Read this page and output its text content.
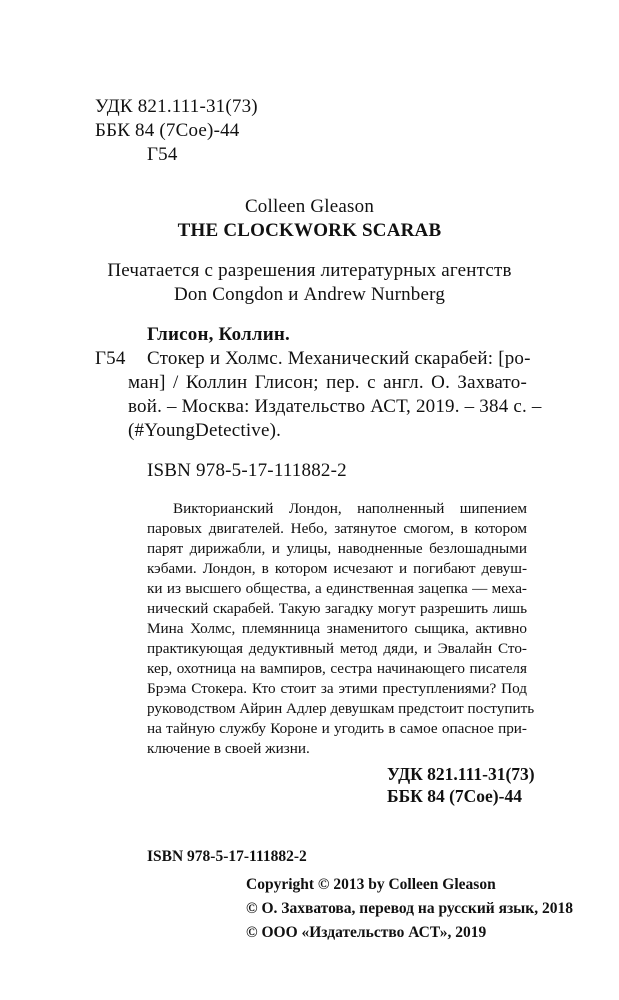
УДК 821.111-31(73)
ББК 84 (7Сое)-44
Г54
Colleen Gleason
THE CLOCKWORK SCARAB
Печатается с разрешения литературных агентств
Don Congdon и Andrew Nurnberg
Глисон, Коллин.
Г54 Стокер и Холмс. Механический скарабей: [ро-
ман] / Коллин Глисон; пер. с англ. О. Захвато-
вой. – Москва: Издательство АСТ, 2019. – 384 с. –
(#YoungDetective).
ISBN 978-5-17-111882-2
Викторианский Лондон, наполненный шипением
паровых двигателей. Небо, затянутое смогом, в котором
парят дирижабли, и улицы, наводненные безлошадными
кэбами. Лондон, в котором исчезают и погибают девуш-
ки из высшего общества, а единственная зацепка — меха-
нический скарабей. Такую загадку могут разрешить лишь
Мина Холмс, племянница знаменитого сыщика, активно
практикующая дедуктивный метод дяди, и Эвалайн Сто-
кер, охотница на вампиров, сестра начинающего писателя
Брэма Стокера. Кто стоит за этими преступлениями? Под
руководством Айрин Адлер девушкам предстоит поступить
на тайную службу Короне и угодить в самое опасное при-
ключение в своей жизни.
УДК 821.111-31(73)
ББК 84 (7Сое)-44
ISBN 978-5-17-111882-2
Copyright © 2013 by Colleen Gleason
© О. Захватова, перевод на русский язык, 2018
© ООО «Издательство АСТ», 2019
